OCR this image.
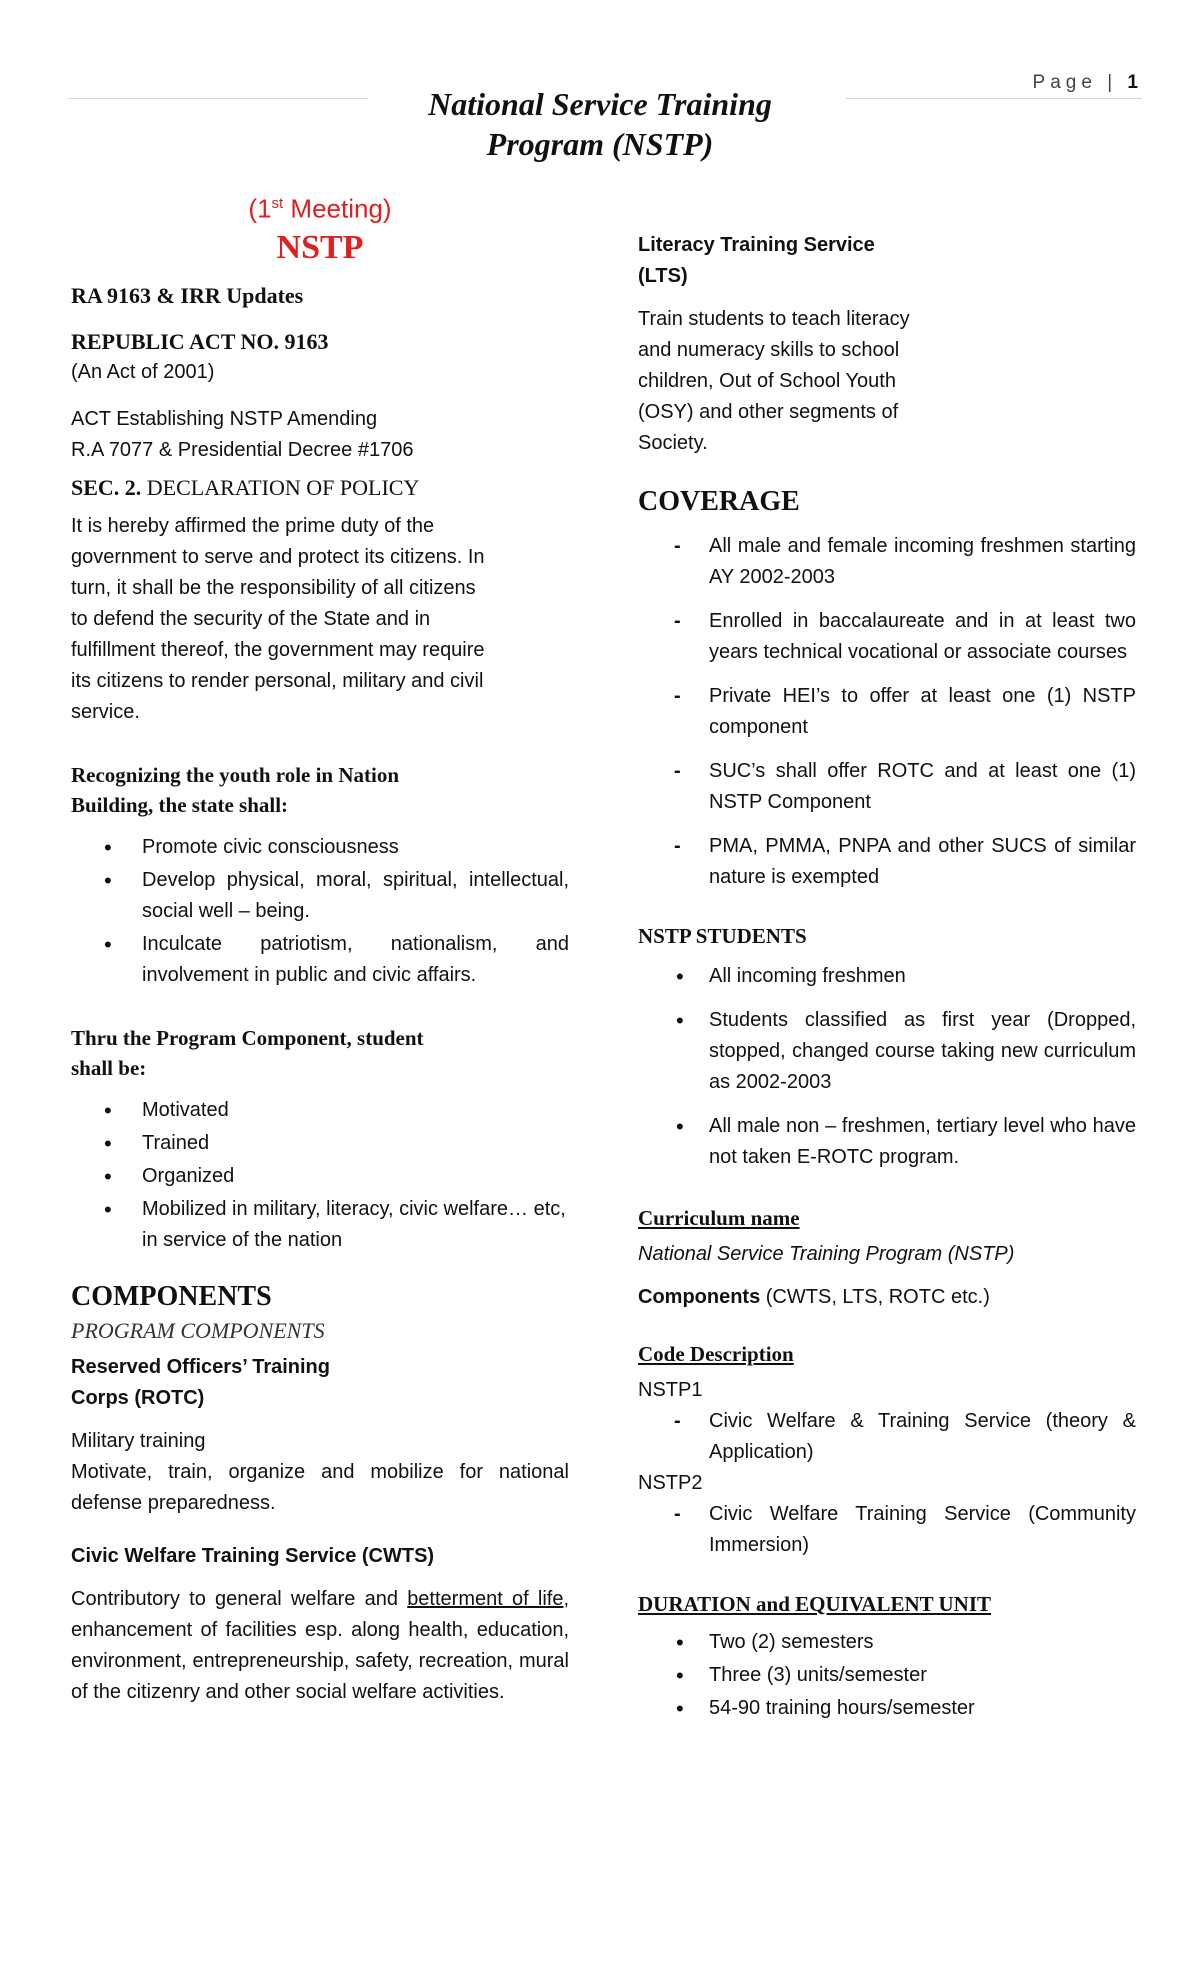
Page | 1
National Service Training
Program (NSTP)

(1st Meeting)

NSTP

RA 9163 & IRR Updates

REPUBLIC ACT NO. 9163

(An Act of 2001)

ACT Establishing NSTP Amending

R.A 7077 & Presidential Decree #1706

SEC. 2. DECLARATION OF POLICY

It is hereby affirmed the prime duty of the government to serve and protect its citizens. In turn, it shall be the responsibility of all citizens to defend the security of the State and in fulfillment thereof, the government may require its citizens to render personal, military and civil service.

Recognizing the youth role in Nation
Building, the state shall:

• Promote civic consciousness
• Develop physical, moral, spiritual, intellectual, social well – being.
• Inculcate patriotism, nationalism, and involvement in public and civic affairs.

Thru the Program Component, student
shall be:

• Motivated
• Trained
• Organized
• Mobilized in military, literacy, civic welfare… etc, in service of the nation

COMPONENTS

PROGRAM COMPONENTS

Reserved Officers’ Training
Corps (ROTC)

Military training

Motivate, train, organize and mobilize for national defense preparedness.

Civic Welfare Training Service (CWTS)

Contributory to general welfare and betterment of life, enhancement of facilities esp. along health, education, environment, entrepreneurship, safety, recreation, mural of the citizenry and other social welfare activities.

Literacy Training Service
(LTS)

Train students to teach literacy and numeracy skills to school children, Out of School Youth (OSY) and other segments of Society.

COVERAGE

- All male and female incoming freshmen starting AY 2002-2003
- Enrolled in baccalaureate and in at least two years technical vocational or associate courses
- Private HEI’s to offer at least one (1) NSTP component
- SUC’s shall offer ROTC and at least one (1) NSTP Component
- PMA, PMMA, PNPA and other SUCS of similar nature is exempted

NSTP STUDENTS

• All incoming freshmen
• Students classified as first year (Dropped, stopped, changed course taking new curriculum as 2002-2003
• All male non – freshmen, tertiary level who have not taken E-ROTC program.

Curriculum name

National Service Training Program (NSTP)

Components (CWTS, LTS, ROTC etc.)

Code Description

NSTP1

- Civic Welfare & Training Service (theory & Application)

NSTP2

- Civic Welfare Training Service (Community Immersion)

DURATION and EQUIVALENT UNIT

• Two (2) semesters
• Three (3) units/semester
• 54-90 training hours/semester
